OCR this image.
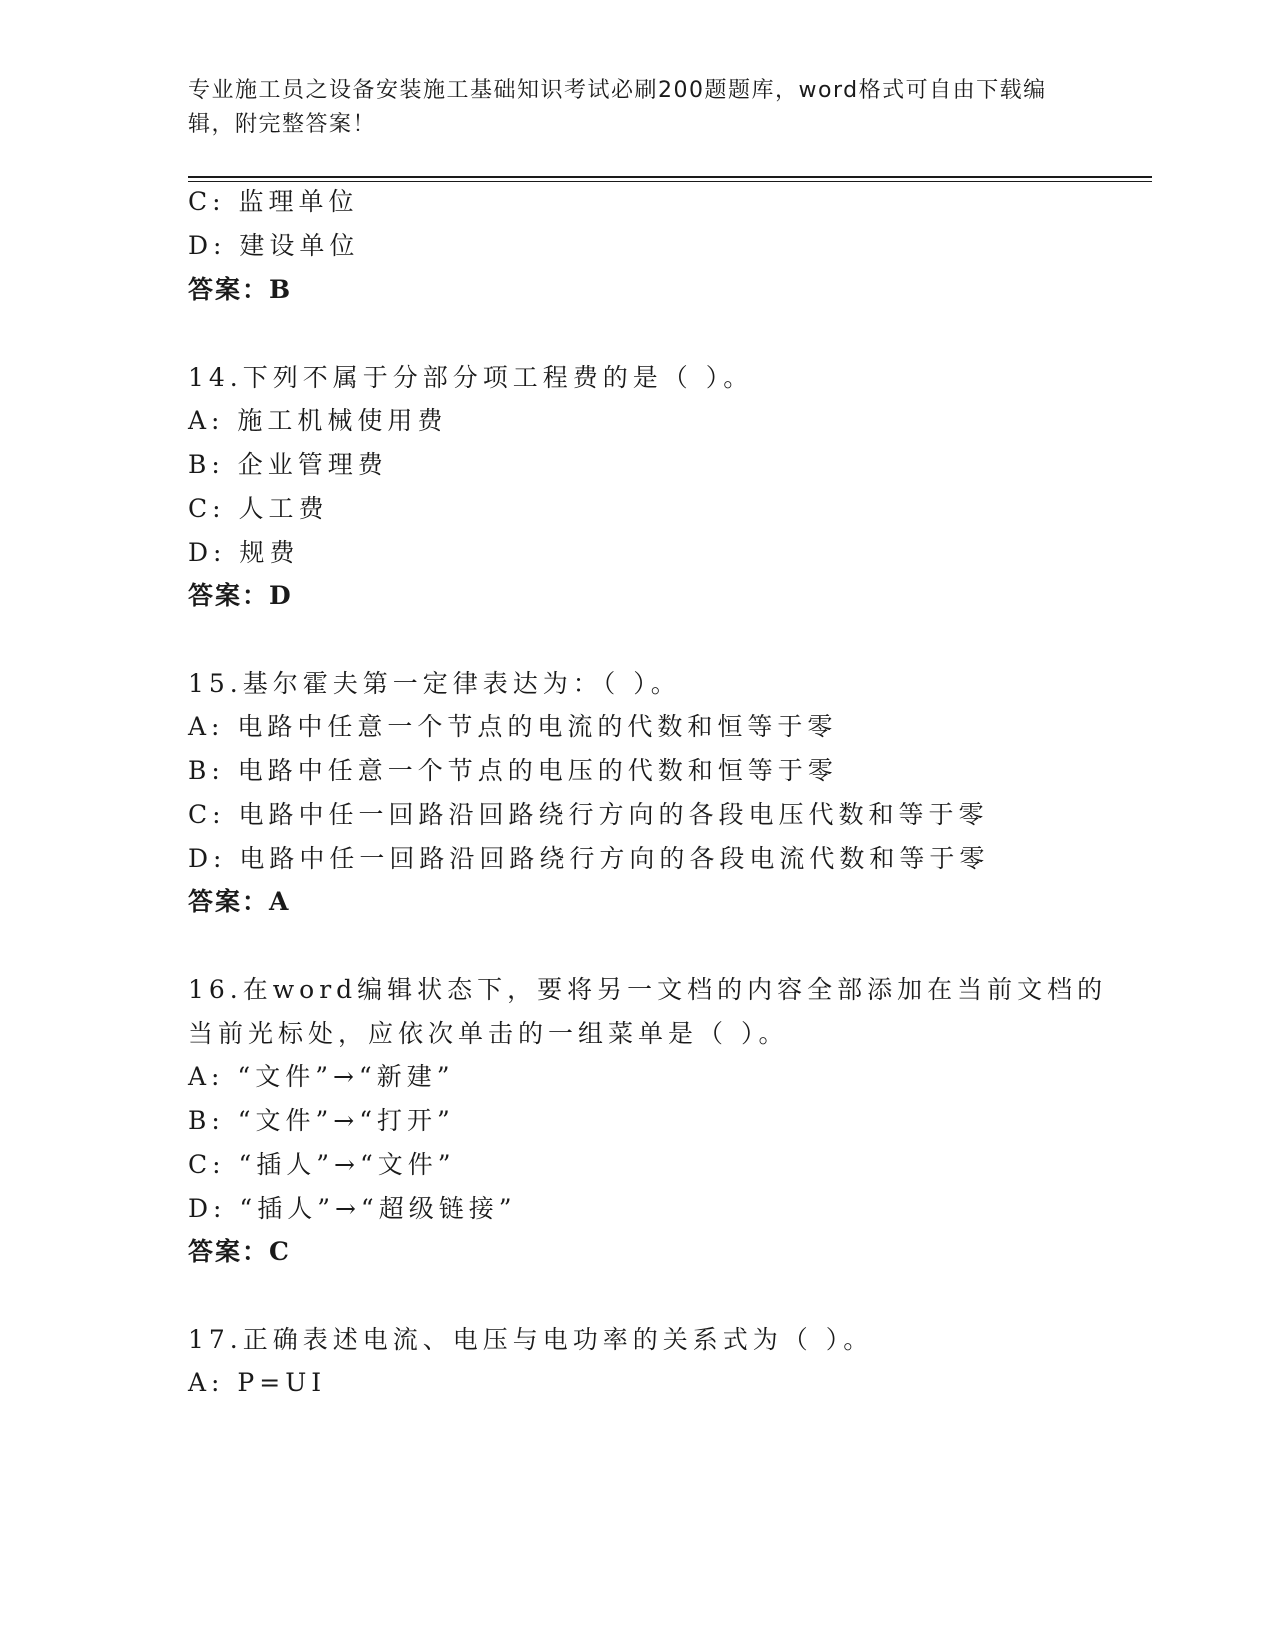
专业施工员之设备安装施工基础知识考试必刷200题题库，word格式可自由下载编辑，附完整答案！
C: 监理单位
D: 建设单位
答案：B
14.下列不属于分部分项工程费的是（ ）。
A: 施工机械使用费
B: 企业管理费
C: 人工费
D: 规费
答案：D
15.基尔霍夫第一定律表达为：（ ）。
A: 电路中任意一个节点的电流的代数和恒等于零
B: 电路中任意一个节点的电压的代数和恒等于零
C: 电路中任一回路沿回路绕行方向的各段电压代数和等于零
D: 电路中任一回路沿回路绕行方向的各段电流代数和等于零
答案：A
16.在word编辑状态下，要将另一文档的内容全部添加在当前文档的
当前光标处，应依次单击的一组菜单是（ ）。
A: “文件”→“新建”
B: “文件”→“打开”
C: “插人”→“文件”
D: “插人”→“超级链接”
答案：C
17.正确表述电流、电压与电功率的关系式为（ ）。
A: P=UI
